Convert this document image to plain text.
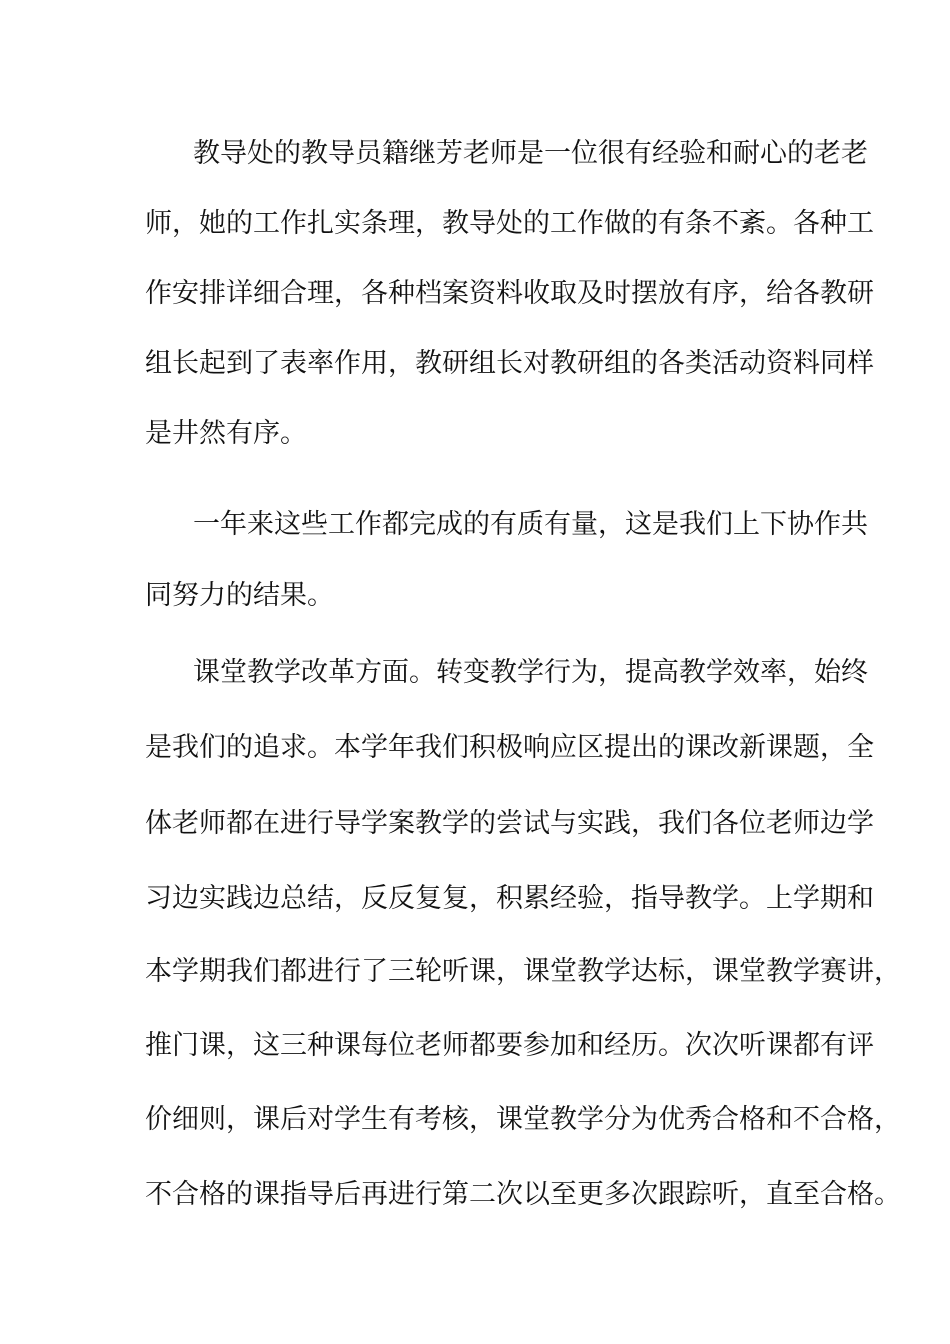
教导处的教导员籍继芳老师是一位很有经验和耐心的老老

师，她的工作扎实条理，教导处的工作做的有条不紊。各种工

作安排详细合理，各种档案资料收取及时摆放有序，给各教研

组长起到了表率作用，教研组长对教研组的各类活动资料同样

是井然有序。

一年来这些工作都完成的有质有量，这是我们上下协作共

同努力的结果。

课堂教学改革方面。转变教学行为，提高教学效率，始终

是我们的追求。本学年我们积极响应区提出的课改新课题，全

体老师都在进行导学案教学的尝试与实践，我们各位老师边学

习边实践边总结，反反复复，积累经验，指导教学。上学期和

本学期我们都进行了三轮听课，课堂教学达标，课堂教学赛讲，

推门课，这三种课每位老师都要参加和经历。次次听课都有评

价细则，课后对学生有考核，课堂教学分为优秀合格和不合格，

不合格的课指导后再进行第二次以至更多次跟踪听，直至合格。
